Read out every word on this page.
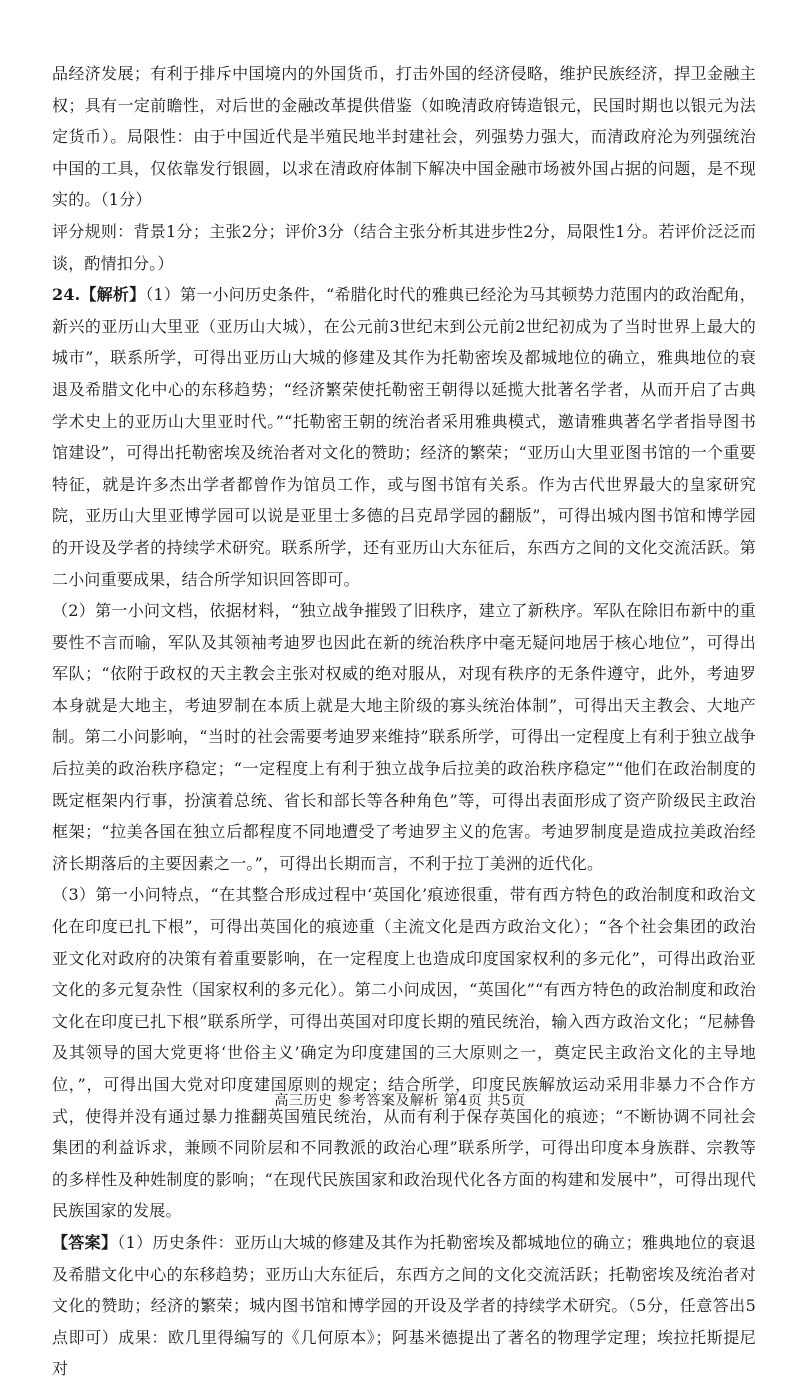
品经济发展；有利于排斥中国境内的外国货币，打击外国的经济侵略，维护民族经济，捍卫金融主权；具有一定前瞻性，对后世的金融改革提供借鉴（如晚清政府铸造银元，民国时期也以银元为法定货币）。局限性：由于中国近代是半殖民地半封建社会，列强势力强大，而清政府沦为列强统治中国的工具，仅依靠发行银圆，以求在清政府体制下解决中国金融市场被外国占据的问题，是不现实的。（1分）

评分规则：背景1分；主张2分；评价3分（结合主张分析其进步性2分，局限性1分。若评价泛泛而谈，酌情扣分。）

24.【解析】（1）第一小问历史条件，“希腊化时代的雅典已经沦为马其顿势力范围内的政治配角，新兴的亚历山大里亚（亚历山大城），在公元前3世纪末到公元前2世纪初成为了当时世界上最大的城市”，联系所学，可得出亚历山大城的修建及其作为托勒密埃及都城地位的确立，雅典地位的衰退及希腊文化中心的东移趋势；“经济繁荣使托勒密王朝得以延揽大批著名学者，从而开启了古典学术史上的亚历山大里亚时代。”“托勒密王朝的统治者采用雅典模式，邀请雅典著名学者指导图书馆建设”，可得出托勒密埃及统治者对文化的赞助；经济的繁荣；“亚历山大里亚图书馆的一个重要特征，就是许多杰出学者都曾作为馆员工作，或与图书馆有关系。作为古代世界最大的皇家研究院，亚历山大里亚博学园可以说是亚里士多德的吕克昂学园的翻版”，可得出城内图书馆和博学园的开设及学者的持续学术研究。联系所学，还有亚历山大东征后，东西方之间的文化交流活跃。第二小问重要成果，结合所学知识回答即可。

（2）第一小问文档，依据材料，“独立战争摧毁了旧秩序，建立了新秩序。军队在除旧布新中的重要性不言而喻，军队及其领袖考迪罗也因此在新的统治秩序中毫无疑问地居于核心地位”，可得出军队；“依附于政权的天主教会主张对权威的绝对服从，对现有秩序的无条件遵守，此外，考迪罗本身就是大地主，考迪罗制在本质上就是大地主阶级的寡头统治体制”，可得出天主教会、大地产制。第二小问影响，“当时的社会需要考迪罗来维持”联系所学，可得出一定程度上有利于独立战争后拉美的政治秩序稳定；“一定程度上有利于独立战争后拉美的政治秩序稳定”“他们在政治制度的既定框架内行事，扮演着总统、省长和部长等各种角色”等，可得出表面形成了资产阶级民主政治框架；“拉美各国在独立后都程度不同地遭受了考迪罗主义的危害。考迪罗制度是造成拉美政治经济长期落后的主要因素之一。”，可得出长期而言，不利于拉丁美洲的近代化。

（3）第一小问特点，“在其整合形成过程中‘英国化’痕迹很重，带有西方特色的政治制度和政治文化在印度已扎下根”，可得出英国化的痕迹重（主流文化是西方政治文化）；“各个社会集团的政治亚文化对政府的决策有着重要影响，在一定程度上也造成印度国家权利的多元化”，可得出政治亚文化的多元复杂性（国家权利的多元化）。第二小问成因，“英国化”“有西方特色的政治制度和政治文化在印度已扎下根”联系所学，可得出英国对印度长期的殖民统治，输入西方政治文化；“尼赫鲁及其领导的国大党更将‘世俗主义’确定为印度建国的三大原则之一，奠定民主政治文化的主导地位，”，可得出国大党对印度建国原则的规定；结合所学，印度民族解放运动采用非暴力不合作方式，使得并没有通过暴力推翻英国殖民统治，从而有利于保存英国化的痕迹；“不断协调不同社会集团的利益诉求，兼顾不同阶层和不同教派的政治心理”联系所学，可得出印度本身族群、宗教等的多样性及种姓制度的影响；“在现代民族国家和政治现代化各方面的构建和发展中”，可得出现代民族国家的发展。

【答案】（1）历史条件：亚历山大城的修建及其作为托勒密埃及都城地位的确立；雅典地位的衰退及希腊文化中心的东移趋势；亚历山大东征后，东西方之间的文化交流活跃；托勒密埃及统治者对文化的赞助；经济的繁荣；城内图书馆和博学园的开设及学者的持续学术研究。（5分，任意答出5点即可）成果：欧几里得编写的《几何原本》；阿基米德提出了著名的物理学定理；埃拉托斯提尼对

高三历史 参考答案及解析 第4页 共5页
